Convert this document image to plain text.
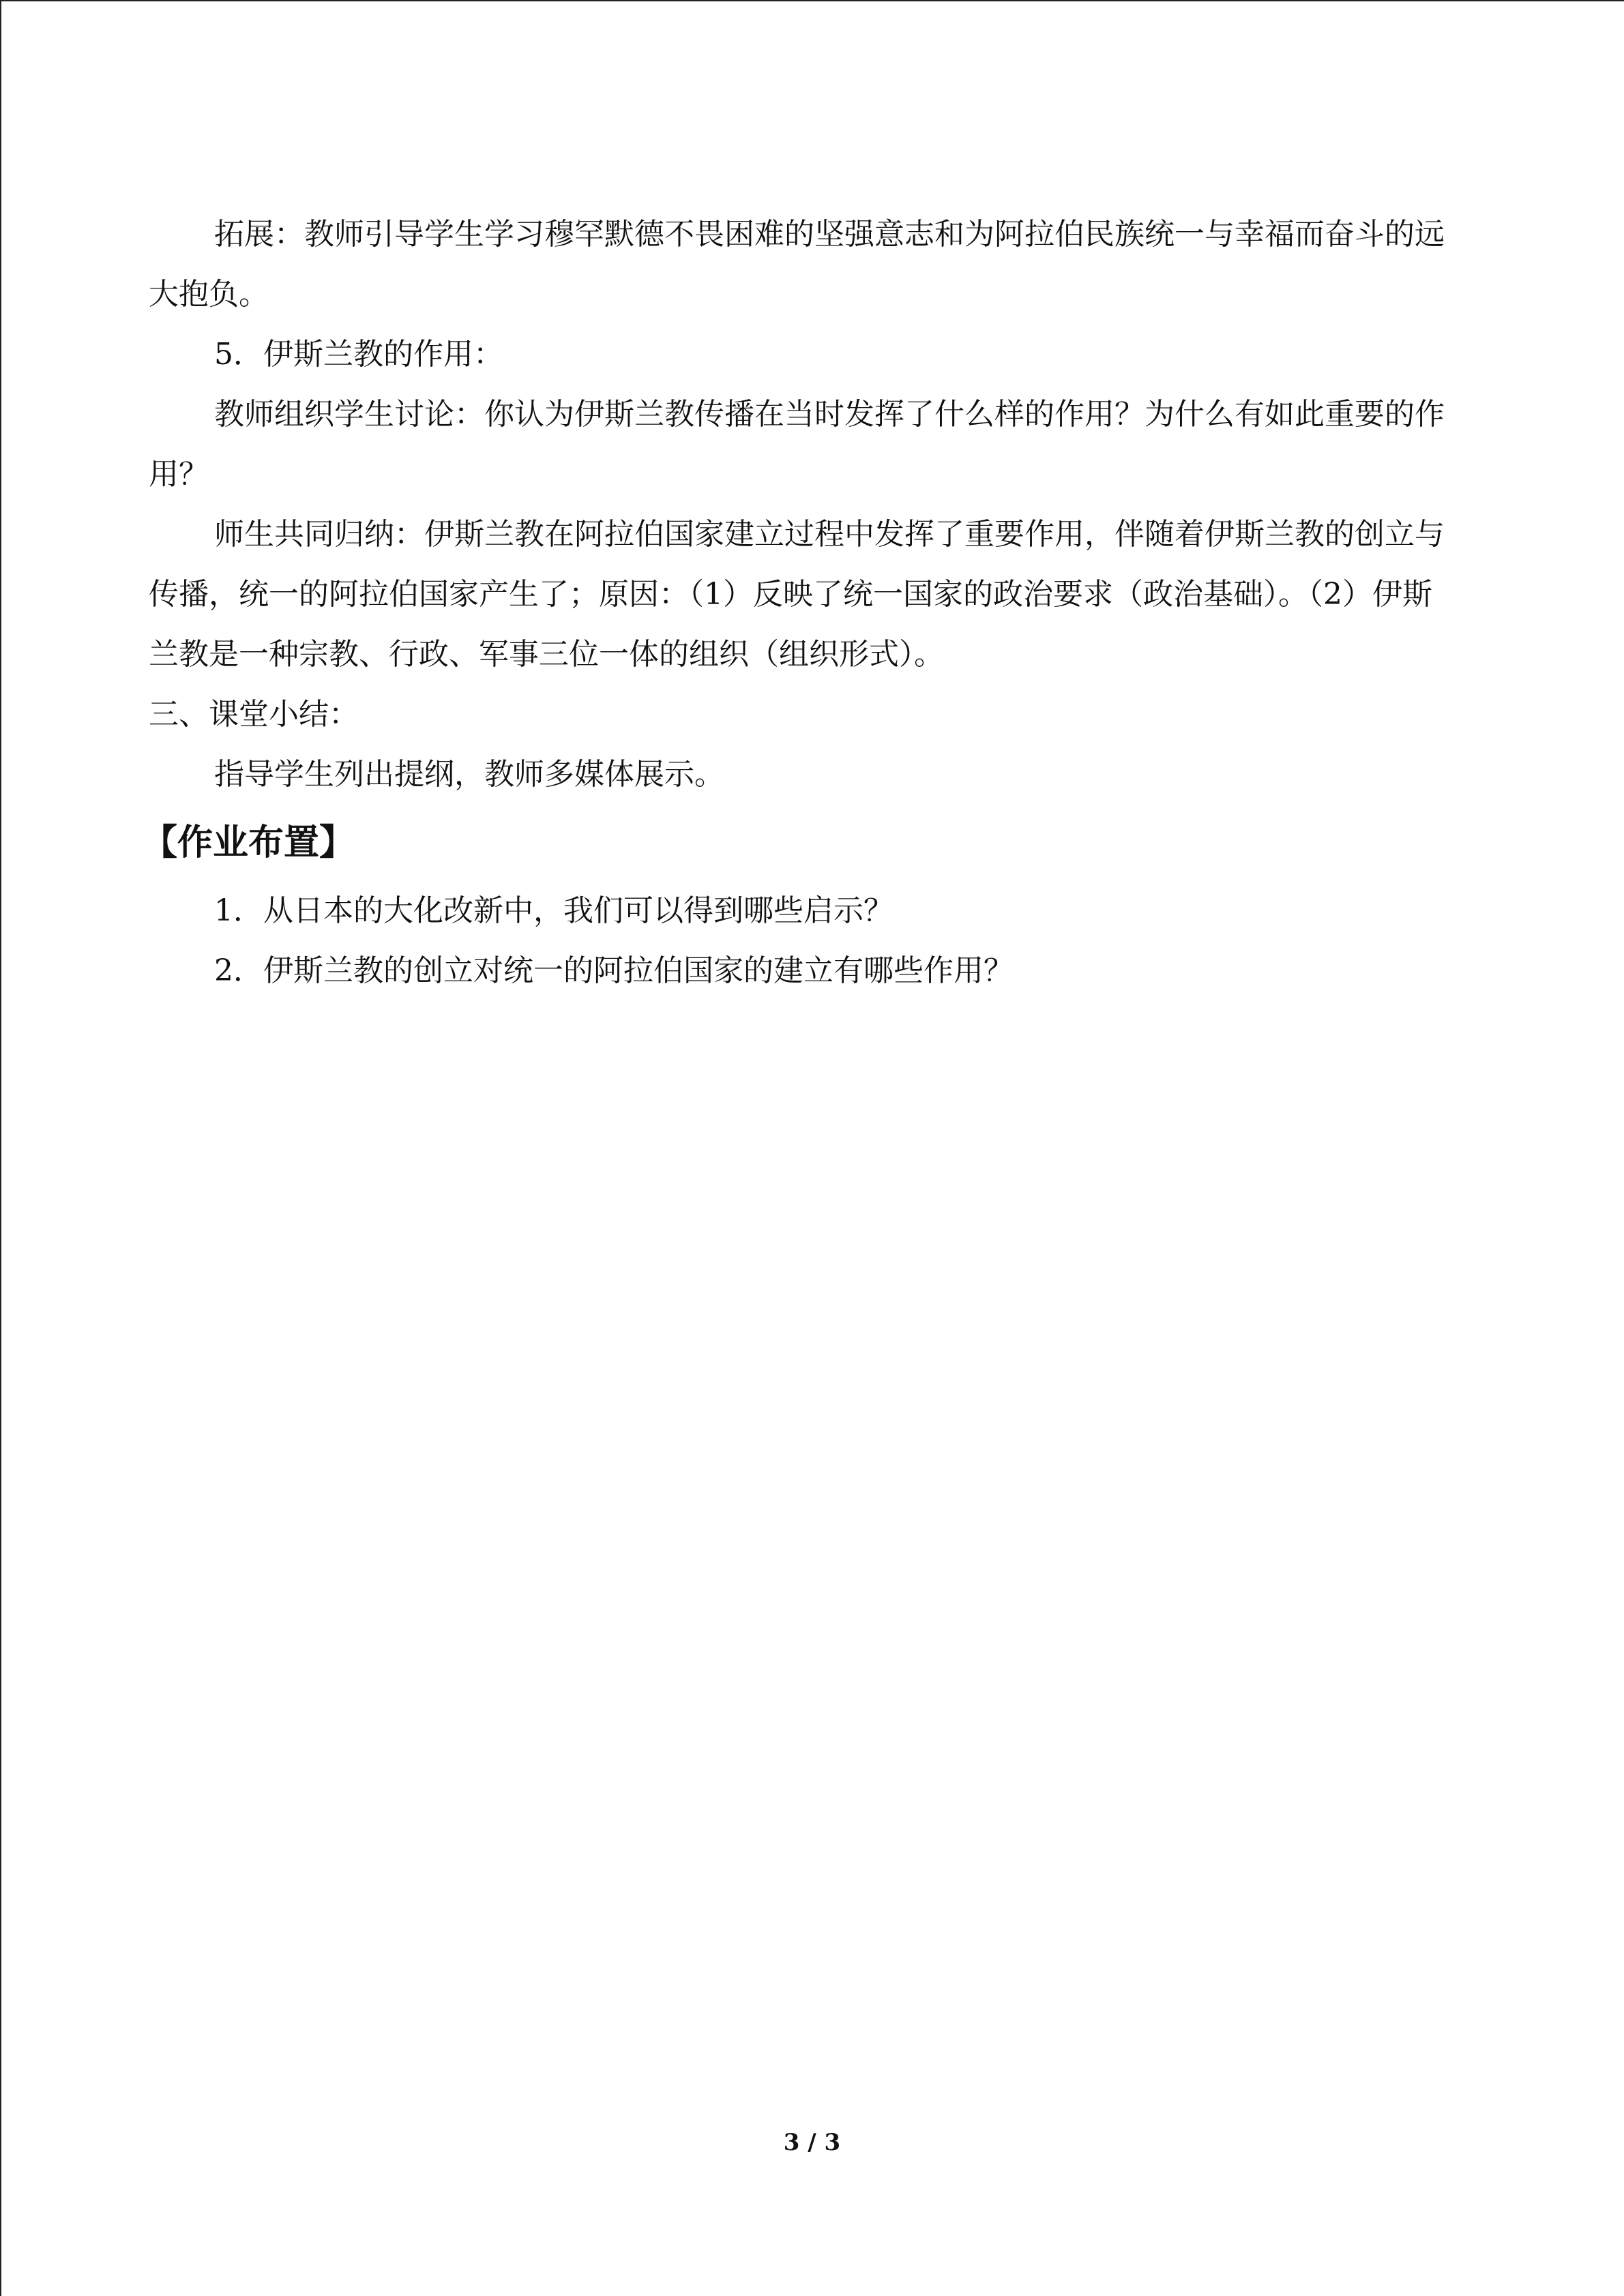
拓展：教师引导学生学习穆罕默德不畏困难的坚强意志和为阿拉伯民族统一与幸福而奋斗的远大抱负。

5．伊斯兰教的作用：

教师组织学生讨论：你认为伊斯兰教传播在当时发挥了什么样的作用？为什么有如此重要的作用？

师生共同归纳：伊斯兰教在阿拉伯国家建立过程中发挥了重要作用，伴随着伊斯兰教的创立与传播，统一的阿拉伯国家产生了；原因：（1）反映了统一国家的政治要求（政治基础）。（2）伊斯兰教是一种宗教、行政、军事三位一体的组织（组织形式）。

三、课堂小结：

指导学生列出提纲，教师多媒体展示。

【作业布置】

1．从日本的大化改新中，我们可以得到哪些启示？

2．伊斯兰教的创立对统一的阿拉伯国家的建立有哪些作用？

3 / 3
